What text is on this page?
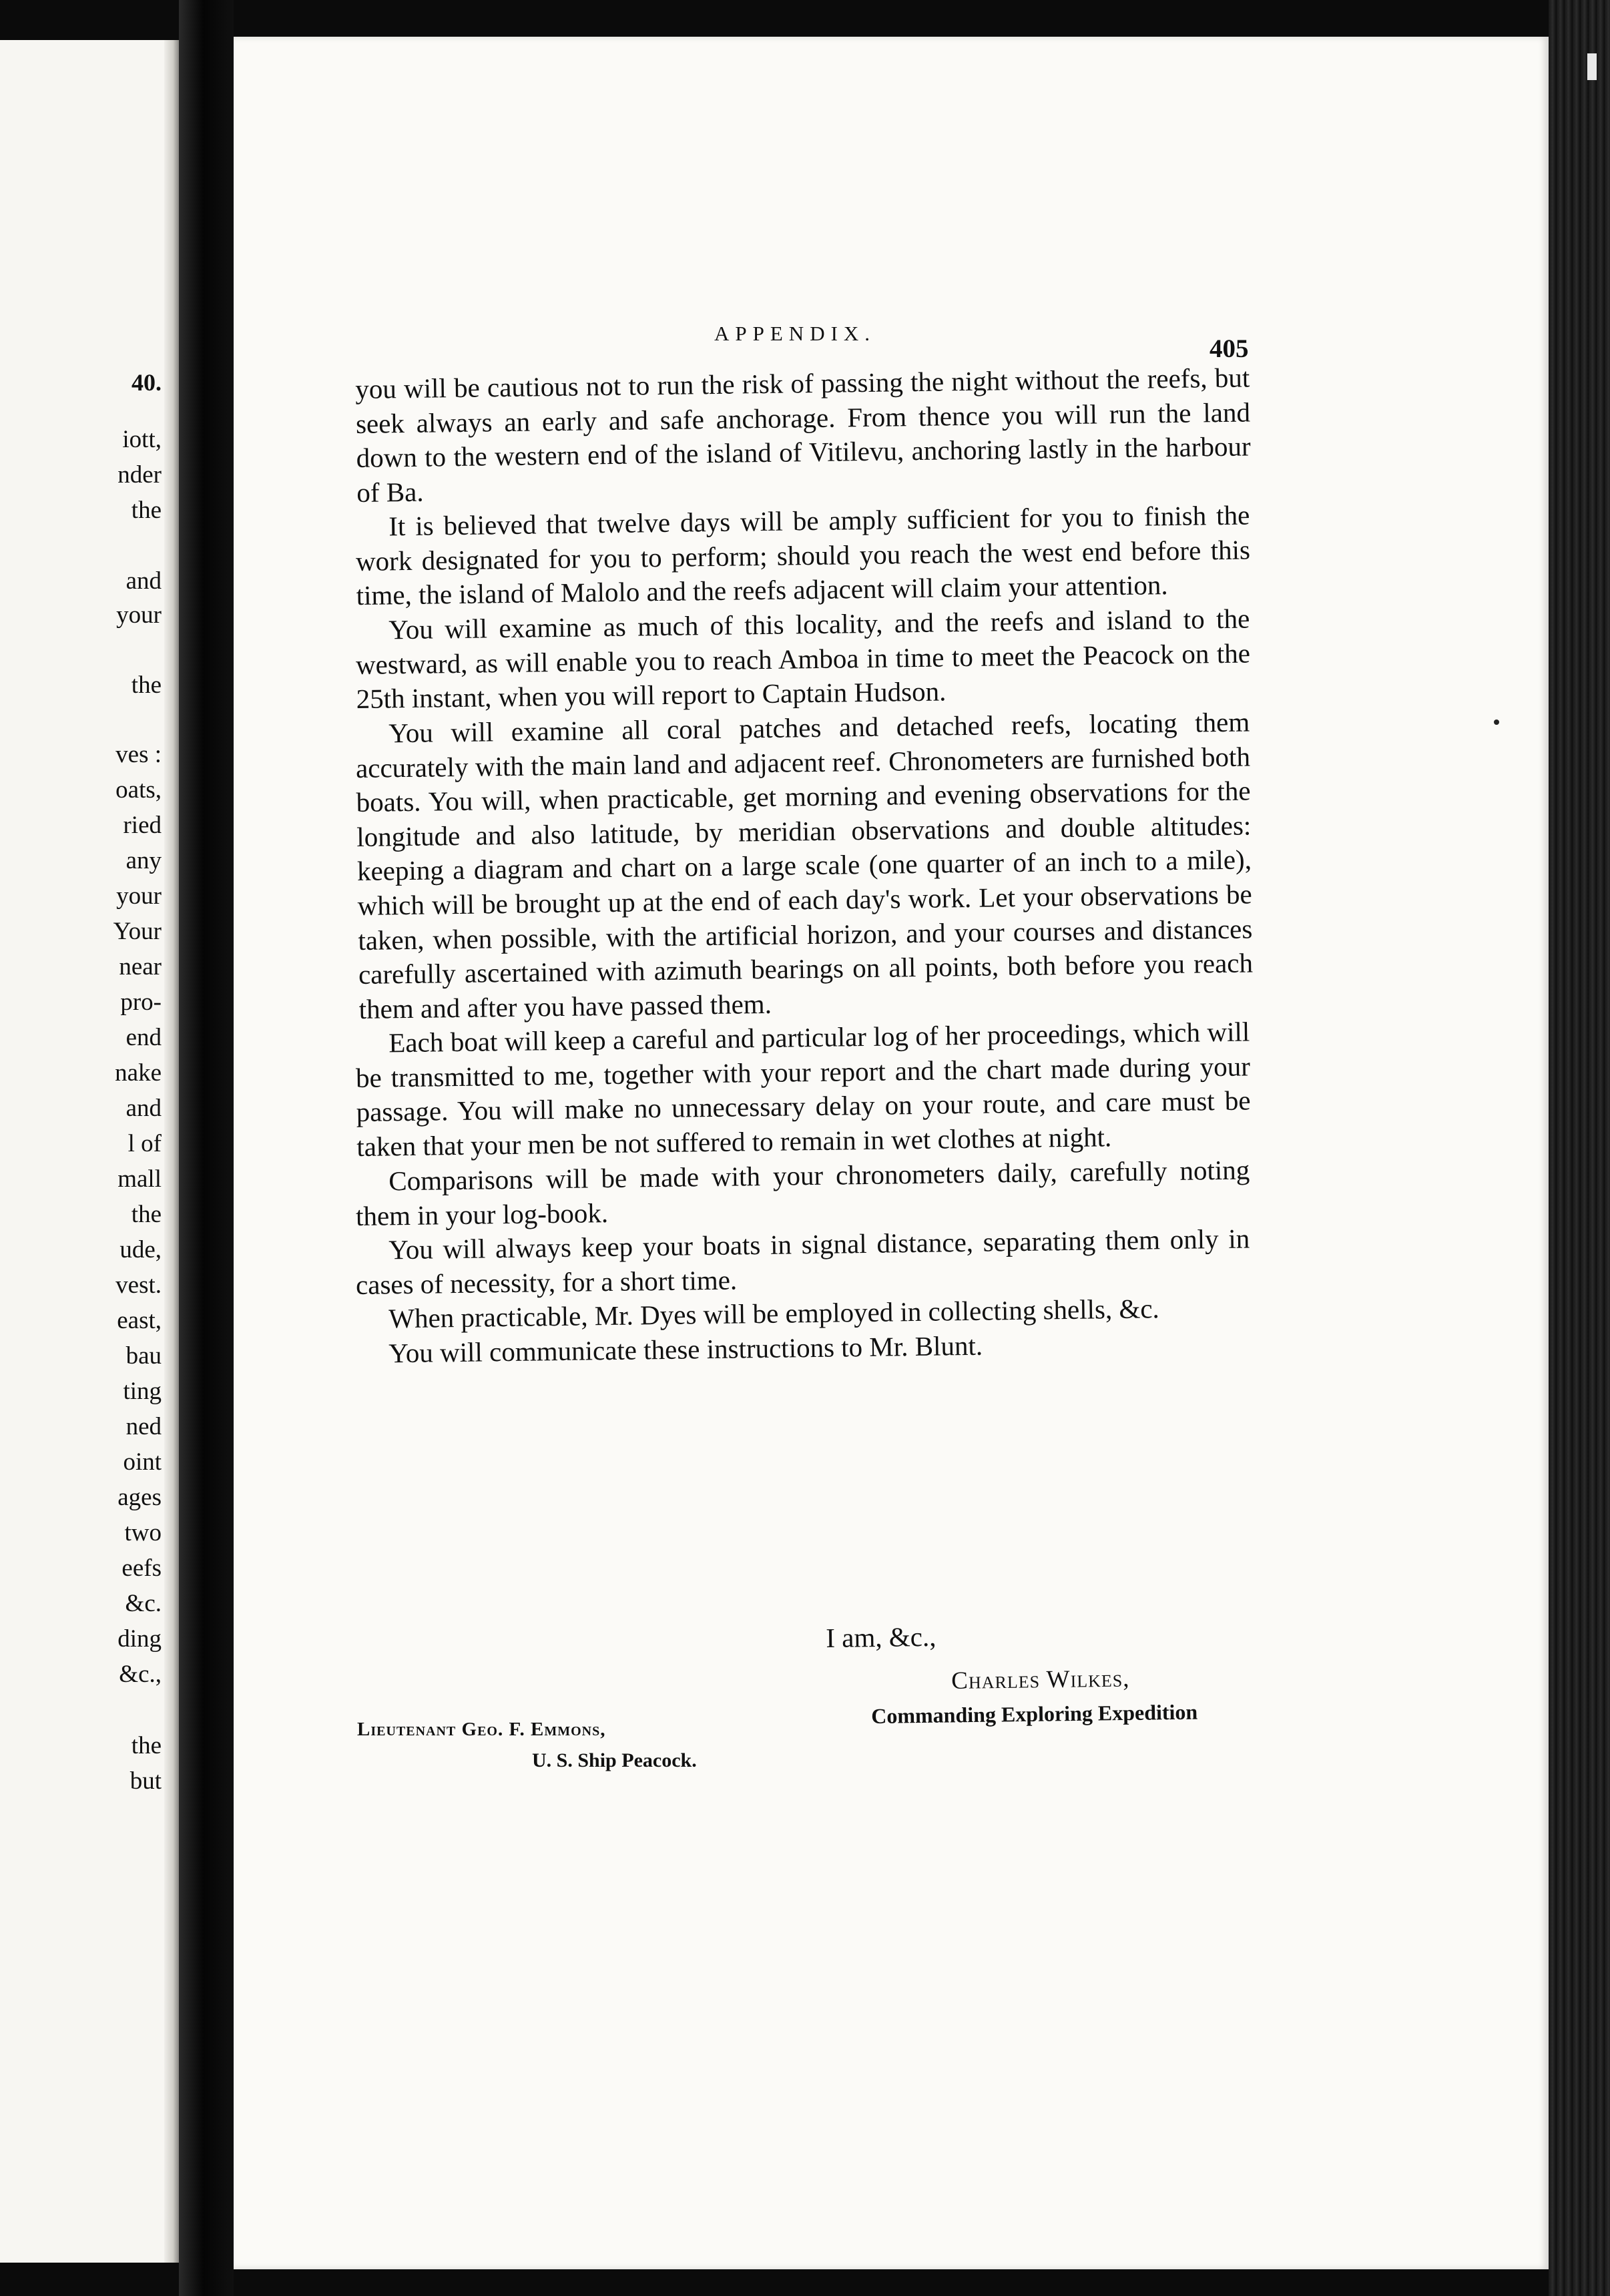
40.
iott,
nder
the
and
your
the
ves :
oats,
ried
any
your
Your
near
pro-
end
nake
and
l of
mall
the
ude,
vest.
east,
bau
ting
ned
oint
ages
two
eefs
&c.
ding
&c.,
the
but
APPENDIX.
405

you will be cautious not to run the risk of passing the night without the reefs, but seek always an early and safe anchorage. From thence you will run the land down to the western end of the island of Vitilevu, anchoring lastly in the harbour of Ba.

It is believed that twelve days will be amply sufficient for you to finish the work designated for you to perform; should you reach the west end before this time, the island of Malolo and the reefs adjacent will claim your attention.

You will examine as much of this locality, and the reefs and island to the westward, as will enable you to reach Amboa in time to meet the Peacock on the 25th instant, when you will report to Captain Hudson.

You will examine all coral patches and detached reefs, locating them accurately with the main land and adjacent reef. Chronometers are furnished both boats. You will, when practicable, get morning and evening observations for the longitude and also latitude, by meridian observations and double altitudes: keeping a diagram and chart on a large scale (one quarter of an inch to a mile), which will be brought up at the end of each day's work. Let your observations be taken, when possible, with the artificial horizon, and your courses and distances carefully ascertained with azimuth bearings on all points, both before you reach them and after you have passed them.

Each boat will keep a careful and particular log of her proceedings, which will be transmitted to me, together with your report and the chart made during your passage. You will make no unnecessary delay on your route, and care must be taken that your men be not suffered to remain in wet clothes at night.

Comparisons will be made with your chronometers daily, carefully noting them in your log-book.

You will always keep your boats in signal distance, separating them only in cases of necessity, for a short time.

When practicable, Mr. Dyes will be employed in collecting shells, &c.

You will communicate these instructions to Mr. Blunt.

I am, &c.,
Charles Wilkes,
Commanding Exploring Expedition
Lieutenant Geo. F. Emmons,
U. S. Ship Peacock.
